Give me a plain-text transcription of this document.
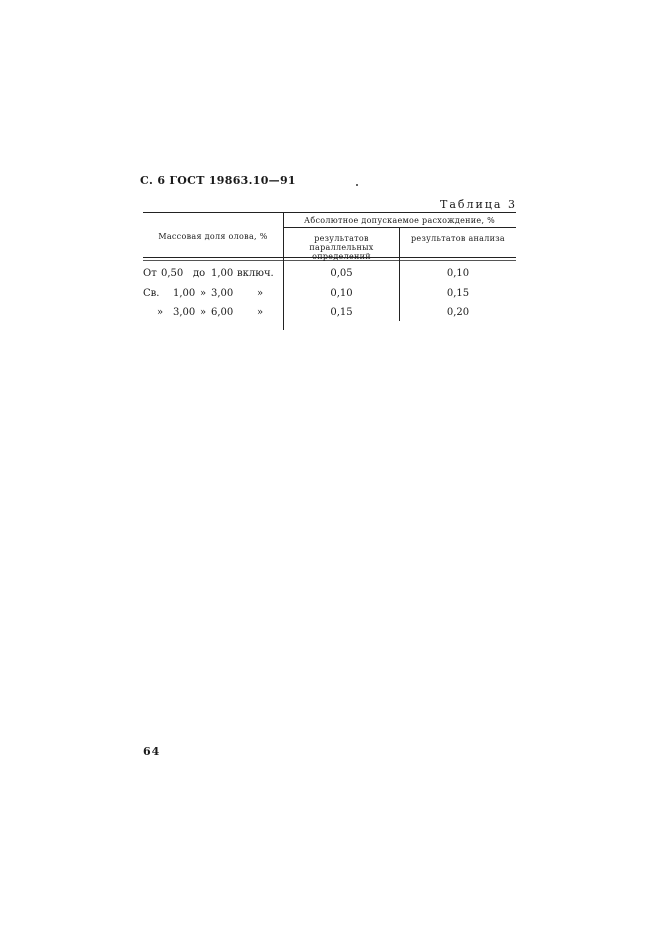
С. 6 ГОСТ 19863.10—91
Таблица 3
Массовая доля олова, %
Абсолютное допускаемое расхождение, %
результатов параллельных определений
результатов анализа
От 0,50 до 1,00 включ.	0,05	0,10
Св. 1,00 » 3,00 »	0,10	0,15
» 3,00 » 6,00 »	0,15	0,20
64
